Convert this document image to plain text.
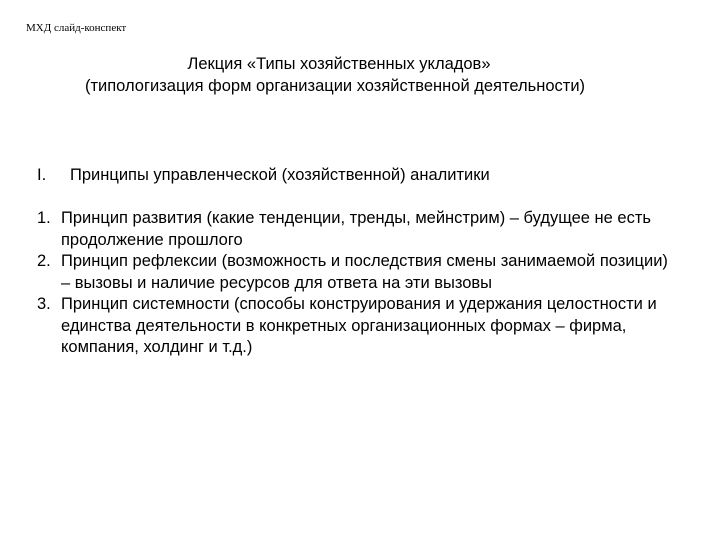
МХД слайд-конспект
Лекция «Типы хозяйственных укладов»
(типологизация форм организации хозяйственной деятельности)
I.	Принципы управленческой (хозяйственной) аналитики
1. Принцип развития (какие тенденции, тренды, мейнстрим) – будущее не есть продолжение прошлого
2. Принцип рефлексии (возможность и последствия смены занимаемой позиции) – вызовы и наличие ресурсов для ответа на эти вызовы
3. Принцип системности (способы конструирования и удержания целостности и единства деятельности в конкретных организационных формах – фирма, компания, холдинг и т.д.)
